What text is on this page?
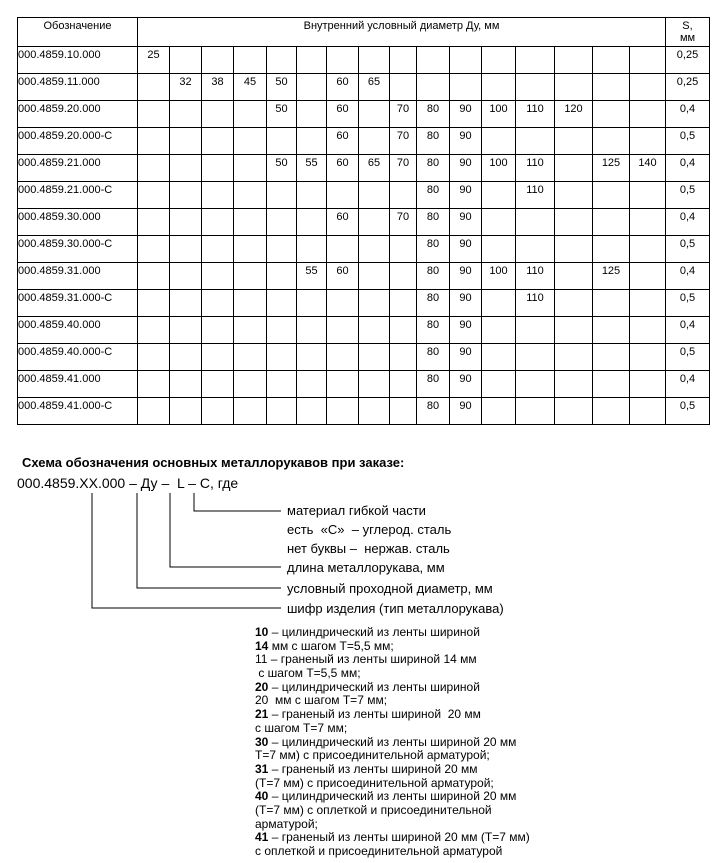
Обозначение	Внутренний условный диаметр Ду, мм																S,
мм
000.4859.10.000	25																0,25
000.4859.11.000		32	38	45	50		60	65									0,25
000.4859.20.000					50		60		70	80	90	100	110	120			0,4
000.4859.20.000-С							60		70	80	90						0,5
000.4859.21.000					50	55	60	65	70	80	90	100	110		125	140	0,4
000.4859.21.000-С										80	90		110				0,5
000.4859.30.000							60		70	80	90						0,4
000.4859.30.000-С										80	90						0,5
000.4859.31.000						55	60			80	90	100	110		125		0,4
000.4859.31.000-С										80	90		110				0,5
000.4859.40.000										80	90						0,4
000.4859.40.000-С										80	90						0,5
000.4859.41.000										80	90						0,4
000.4859.41.000-С										80	90						0,5
Схема обозначения основных металлорукавов при заказе:
000.4859.ХХ.000 – Ду –  L – С, где
материал гибкой части
есть  «С»  – углерод. сталь
нет буквы –  нержав. сталь
длина металлорукава, мм
условный проходной диаметр, мм
шифр изделия (тип металлорукава)
10 – цилиндрический из ленты шириной
14 мм с шагом Т=5,5 мм;
11 – граненый из ленты шириной 14 мм
с шагом Т=5,5 мм;
20 – цилиндрический из ленты шириной
20  мм с шагом Т=7 мм;
21 – граненый из ленты шириной  20 мм
с шагом Т=7 мм;
30 – цилиндрический из ленты шириной 20 мм
Т=7 мм) с присоединительной арматурой;
31 – граненый из ленты шириной 20 мм
(Т=7 мм) с присоединительной арматурой;
40 – цилиндрический из ленты шириной 20 мм
(Т=7 мм) с оплеткой и присоединительной
арматурой;
41 – граненый из ленты шириной 20 мм (Т=7 мм)
с оплеткой и присоединительной арматурой
